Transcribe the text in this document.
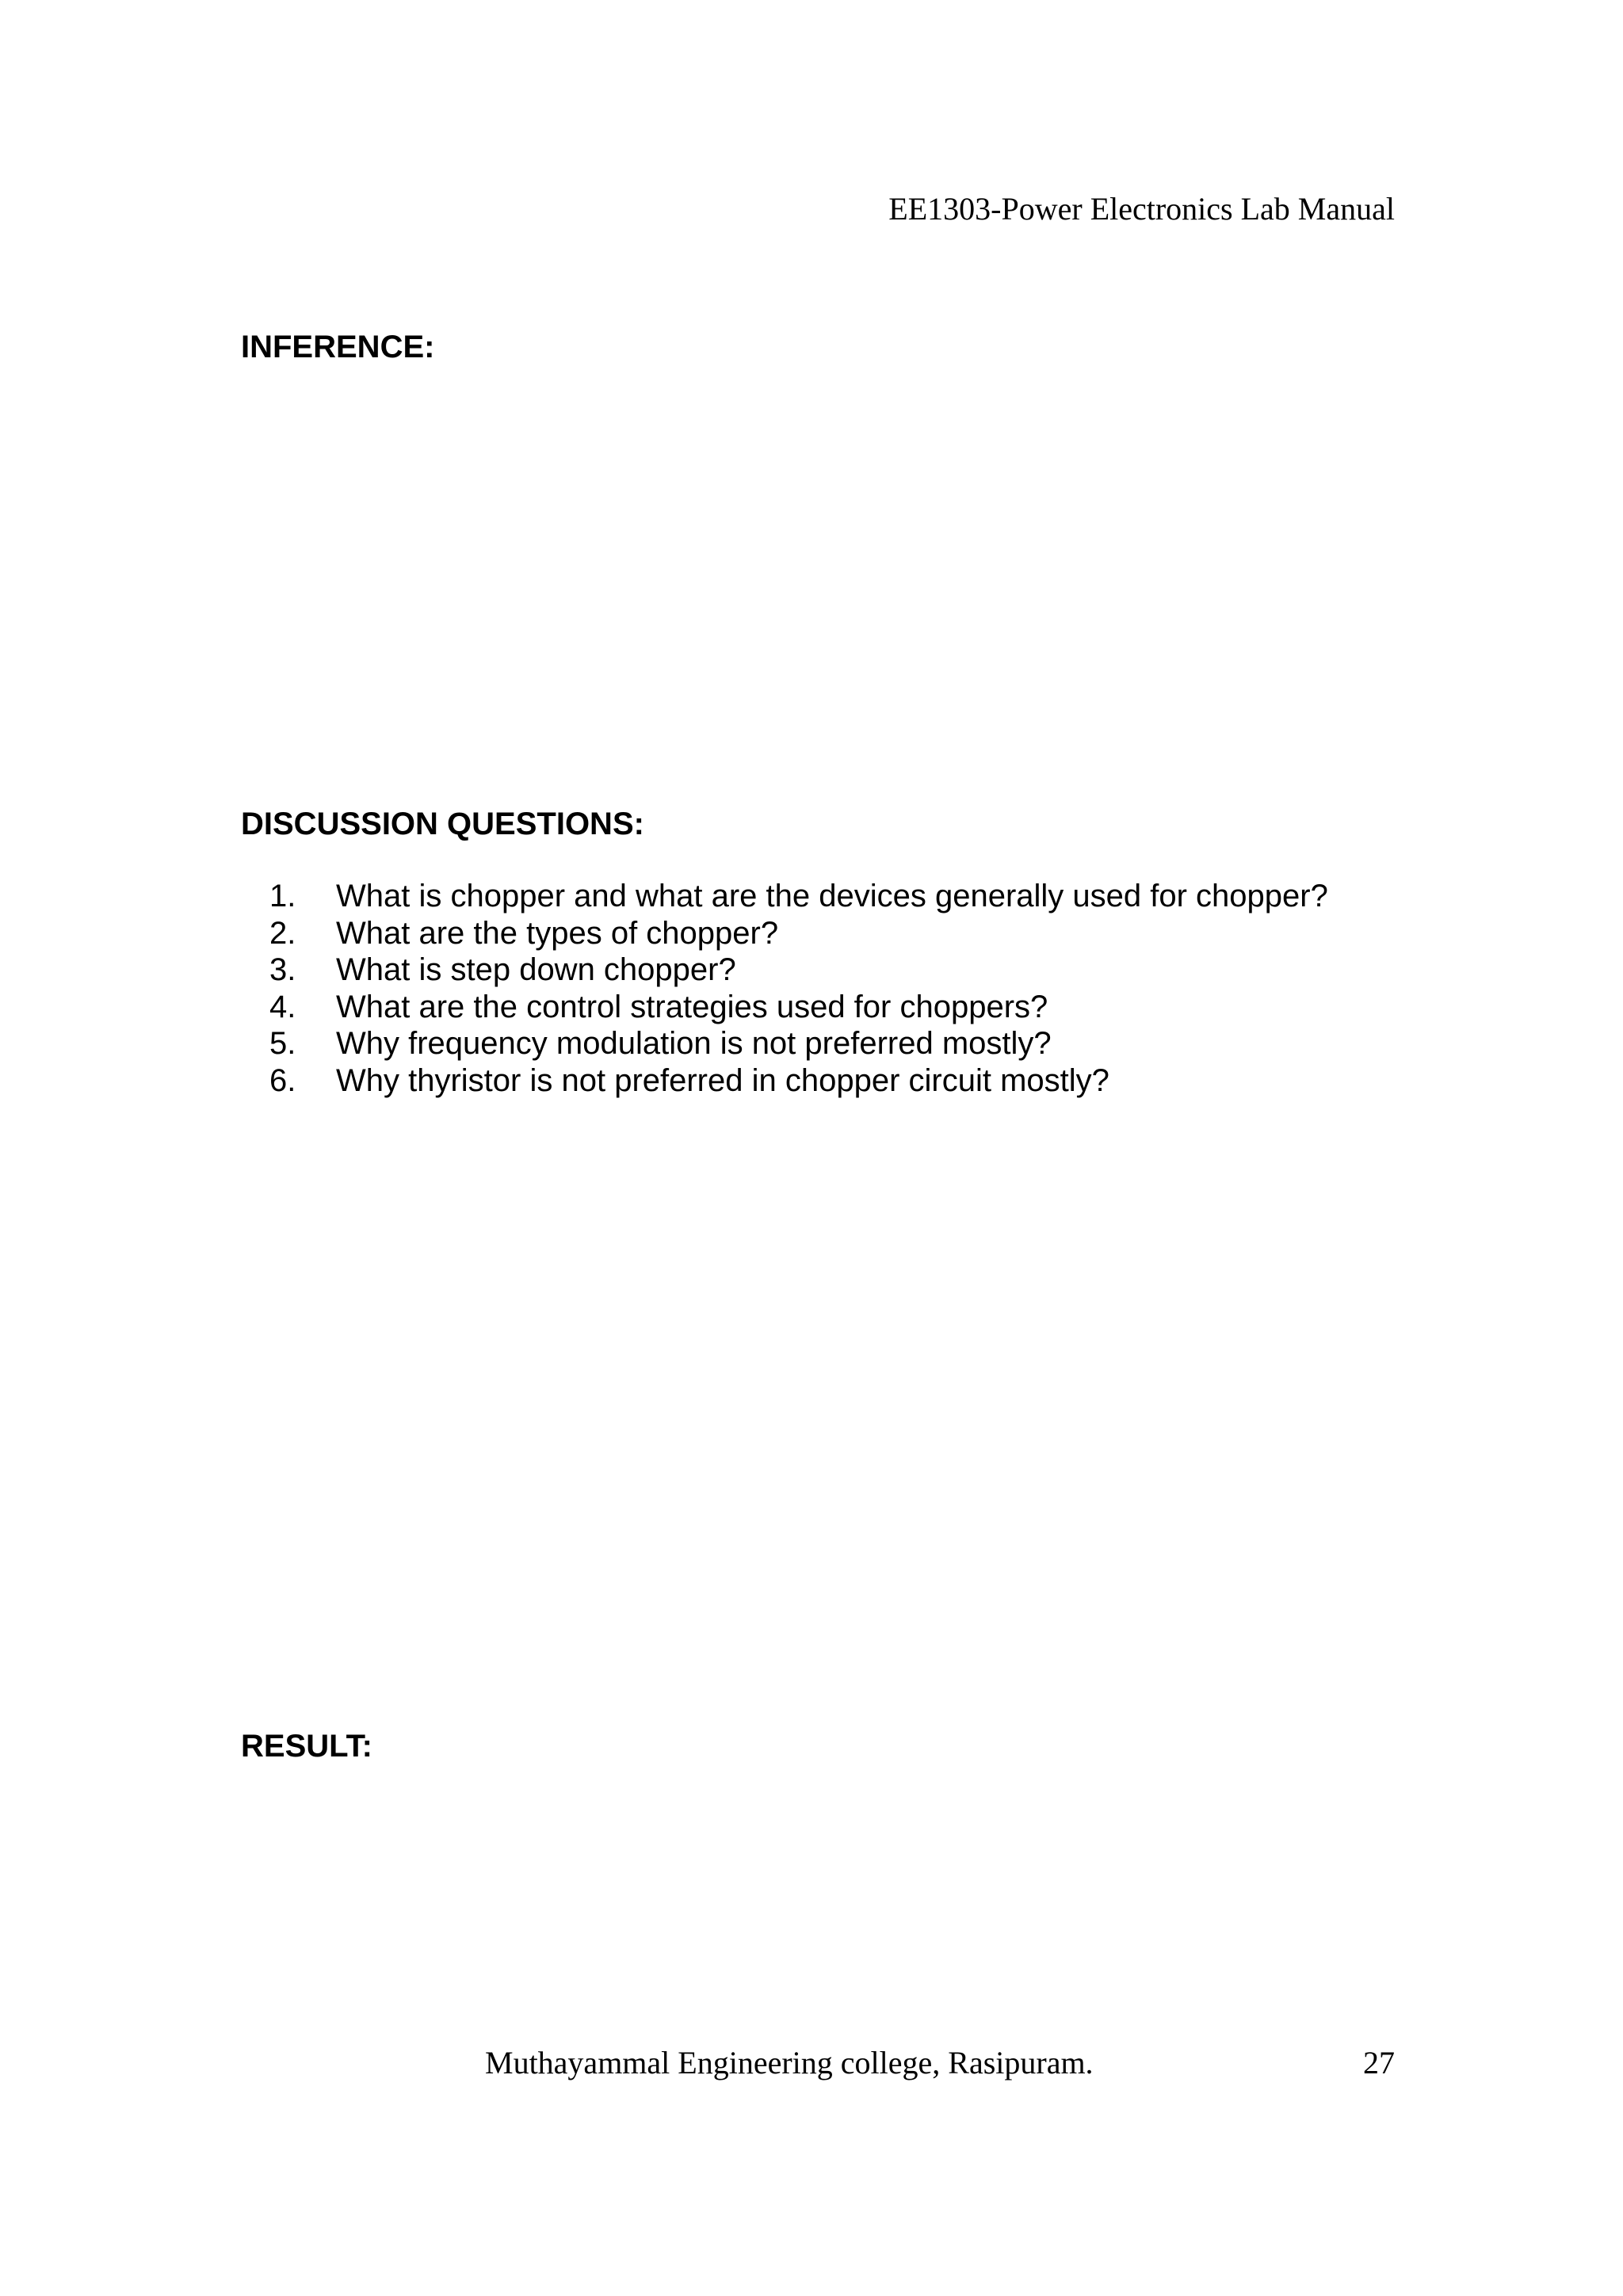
EE1303-Power Electronics Lab Manual
INFERENCE:
DISCUSSION QUESTIONS:
1.	What is chopper and what are the devices generally used for chopper?
2.	What are the types of chopper?
3.	What is step down chopper?
4.	What are the control strategies used for choppers?
5.	Why frequency modulation is not preferred mostly?
6.	Why thyristor is not preferred in chopper circuit mostly?
RESULT:
Muthayammal Engineering college, Rasipuram.	27
